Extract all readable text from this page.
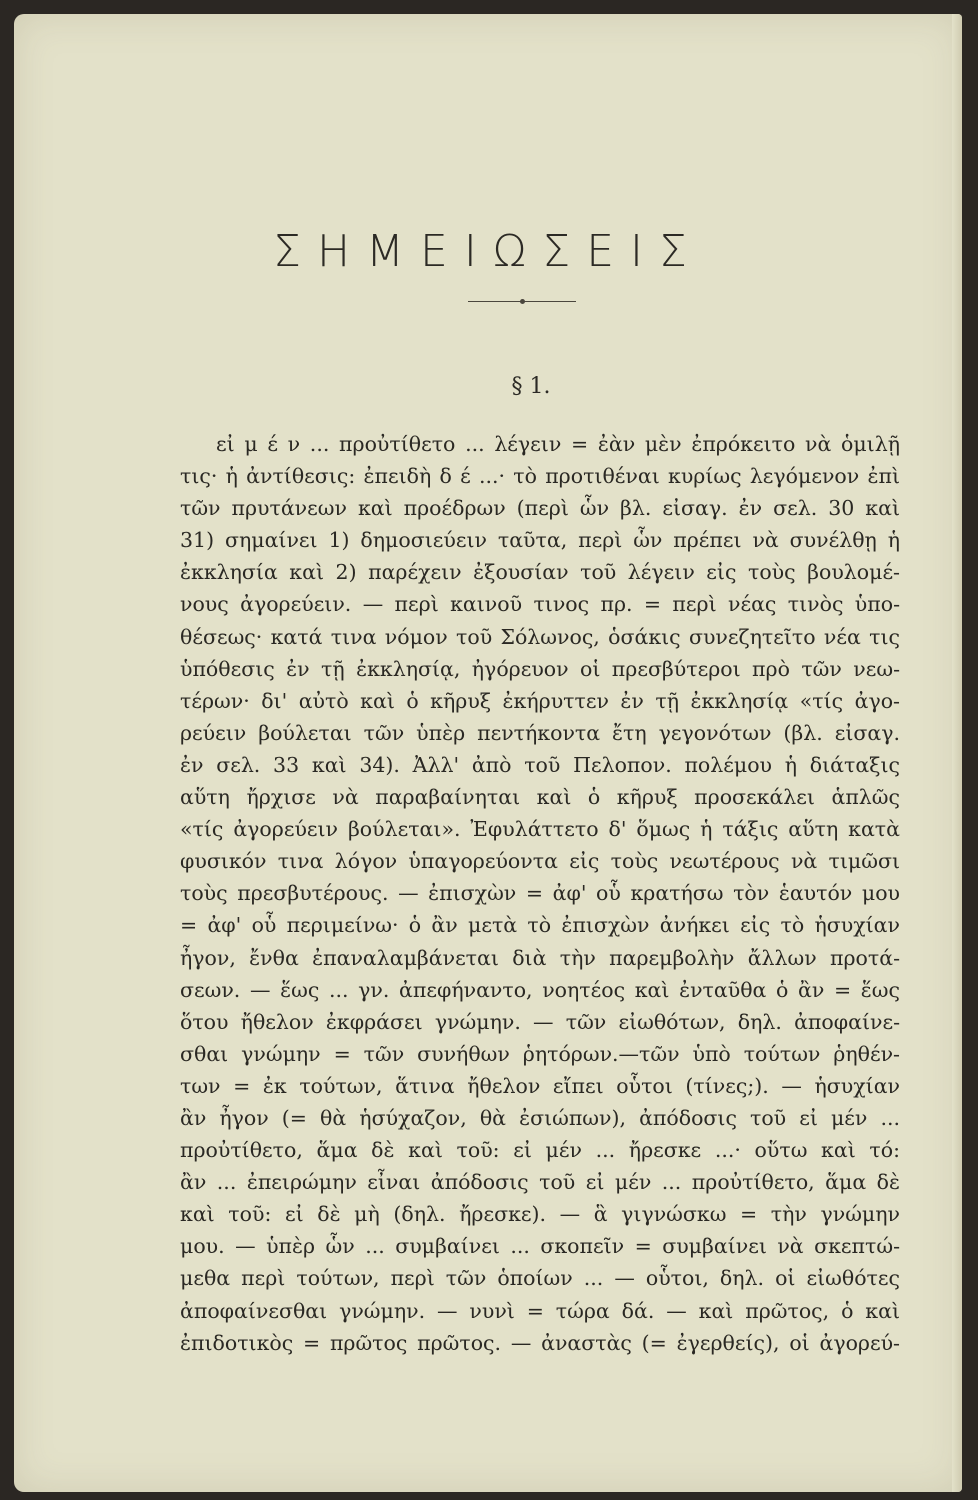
ΣΗΜΕΙΩΣΕΙΣ
§ 1.
εἰ μ έ ν ... προὐτίθετο ... λέγειν = ἐὰν μὲν ἐπρόκειτο νὰ ὁμιλῇ
τις· ἡ ἀντίθεσις: ἐπειδὴ δ έ ...· τὸ προτιθέναι κυρίως λεγόμενον ἐπὶ
τῶν πρυτάνεων καὶ προέδρων (περὶ ὧν βλ. εἰσαγ. ἐν σελ. 30 καὶ
31) σημαίνει 1) δημοσιεύειν ταῦτα, περὶ ὧν πρέπει νὰ συνέλθῃ ἡ
ἐκκλησία καὶ 2) παρέχειν ἐξουσίαν τοῦ λέγειν εἰς τοὺς βουλομέ-
νους ἀγορεύειν. — περὶ καινοῦ τινος πρ. = περὶ νέας τινὸς ὑπο-
θέσεως· κατά τινα νόμον τοῦ Σόλωνος, ὁσάκις συνεζητεῖτο νέα τις
ὑπόθεσις ἐν τῇ ἐκκλησίᾳ, ἠγόρευον οἱ πρεσβύτεροι πρὸ τῶν νεω-
τέρων· δι' αὐτὸ καὶ ὁ κῆρυξ ἐκήρυττεν ἐν τῇ ἐκκλησίᾳ «τίς ἀγο-
ρεύειν βούλεται τῶν ὑπὲρ πεντήκοντα ἔτη γεγονότων (βλ. εἰσαγ.
ἐν σελ. 33 καὶ 34). Ἀλλ' ἀπὸ τοῦ Πελοπον. πολέμου ἡ διάταξις
αὕτη ἤρχισε νὰ παραβαίνηται καὶ ὁ κῆρυξ προσεκάλει ἁπλῶς
«τίς ἀγορεύειν βούλεται». Ἐφυλάττετο δ' ὅμως ἡ τάξις αὕτη κατὰ
φυσικόν τινα λόγον ὑπαγορεύοντα εἰς τοὺς νεωτέρους νὰ τιμῶσι
τοὺς πρεσβυτέρους. — ἐπισχὼν = ἀφ' οὗ κρατήσω τὸν ἑαυτόν μου
= ἀφ' οὗ περιμείνω· ὁ ἂν μετὰ τὸ ἐπισχὼν ἀνήκει εἰς τὸ ἡσυχίαν
ἦγον, ἔνθα ἐπαναλαμβάνεται διὰ τὴν παρεμβολὴν ἄλλων προτά-
σεων. — ἕως ... γν. ἀπεφήναντο, νοητέος καὶ ἐνταῦθα ὁ ἂν = ἕως
ὅτου ἤθελον ἐκφράσει γνώμην. — τῶν εἰωθότων, δηλ. ἀποφαίνε-
σθαι γνώμην = τῶν συνήθων ῥητόρων.—τῶν ὑπὸ τούτων ῥηθέν-
των = ἐκ τούτων, ἅτινα ἤθελον εἴπει οὗτοι (τίνες;). — ἡσυχίαν
ἂν ἦγον (= θὰ ἡσύχαζον, θὰ ἐσιώπων), ἀπόδοσις τοῦ εἰ μέν ...
προὐτίθετο, ἅμα δὲ καὶ τοῦ: εἰ μέν ... ἤρεσκε ...· οὕτω καὶ τό:
ἂν ... ἐπειρώμην εἶναι ἀπόδοσις τοῦ εἰ μέν ... προὐτίθετο, ἅμα δὲ
καὶ τοῦ: εἰ δὲ μὴ (δηλ. ἤρεσκε). — ἃ γιγνώσκω = τὴν γνώμην
μου. — ὑπὲρ ὧν ... συμβαίνει ... σκοπεῖν = συμβαίνει νὰ σκεπτώ-
μεθα περὶ τούτων, περὶ τῶν ὁποίων ... — οὗτοι, δηλ. οἱ εἰωθότες
ἀποφαίνεσθαι γνώμην. — νυνὶ = τώρα δά. — καὶ πρῶτος, ὁ καὶ
ἐπιδοτικὸς = πρῶτος πρῶτος. — ἀναστὰς (= ἐγερθείς), οἱ ἀγορεύ-
